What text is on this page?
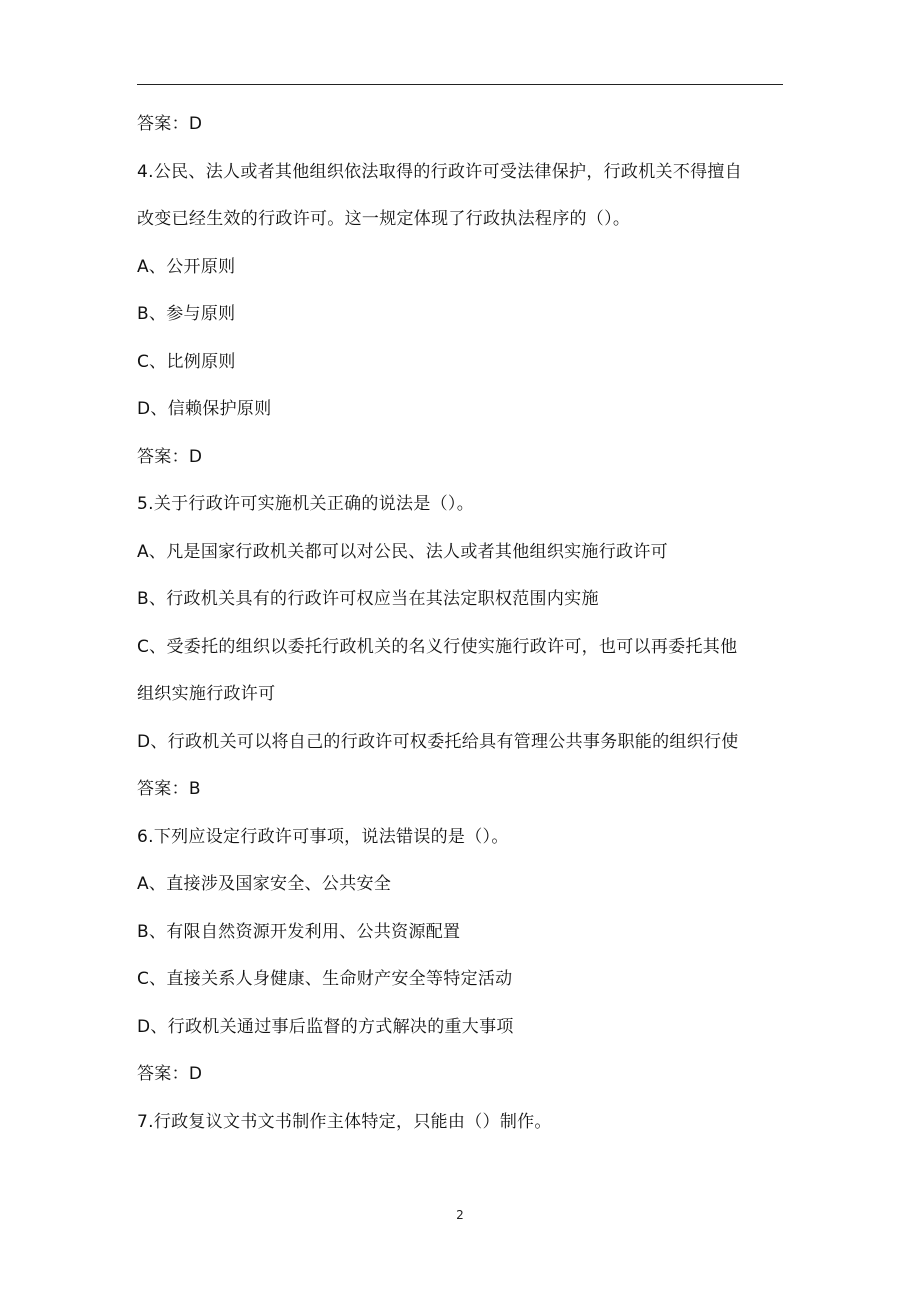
答案：D
4.公民、法人或者其他组织依法取得的行政许可受法律保护，行政机关不得擅自
改变已经生效的行政许可。这一规定体现了行政执法程序的（）。
A、公开原则
B、参与原则
C、比例原则
D、信赖保护原则
答案：D
5.关于行政许可实施机关正确的说法是（）。
A、凡是国家行政机关都可以对公民、法人或者其他组织实施行政许可
B、行政机关具有的行政许可权应当在其法定职权范围内实施
C、受委托的组织以委托行政机关的名义行使实施行政许可，也可以再委托其他
组织实施行政许可
D、行政机关可以将自己的行政许可权委托给具有管理公共事务职能的组织行使
答案：B
6.下列应设定行政许可事项，说法错误的是（）。
A、直接涉及国家安全、公共安全
B、有限自然资源开发利用、公共资源配置
C、直接关系人身健康、生命财产安全等特定活动
D、行政机关通过事后监督的方式解决的重大事项
答案：D
7.行政复议文书文书制作主体特定，只能由（）制作。
2
